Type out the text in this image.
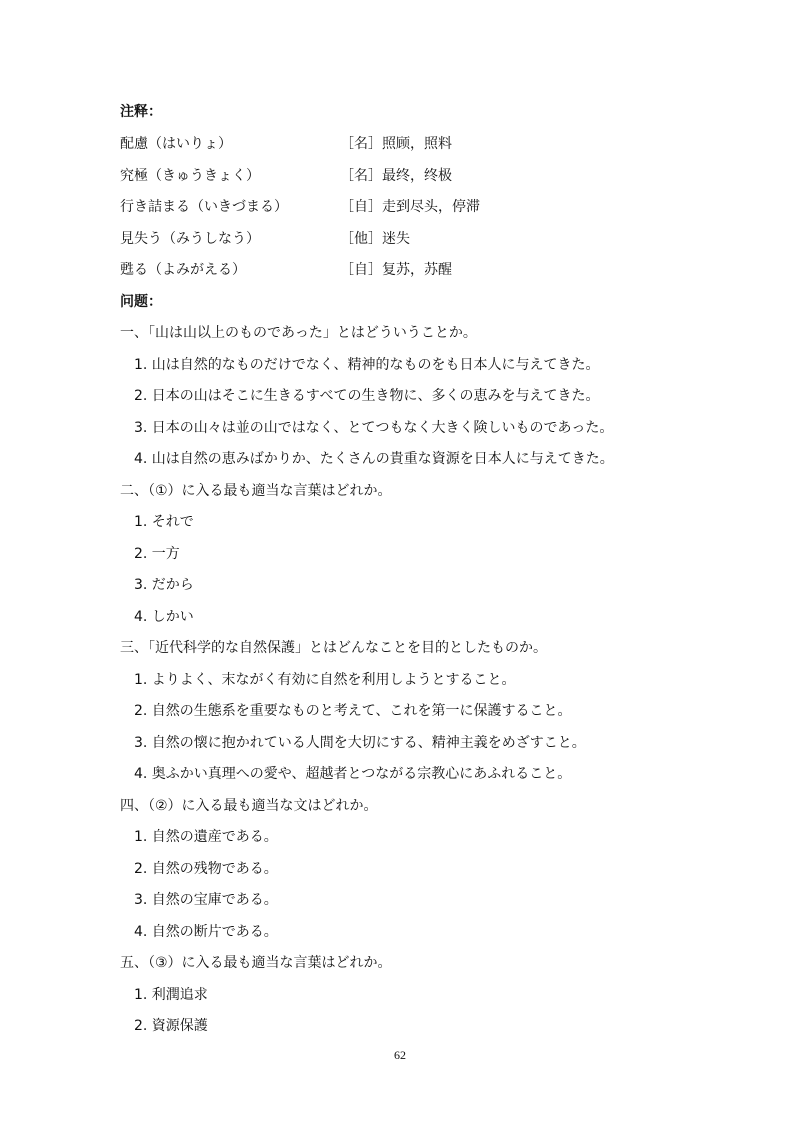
注释：
配慮（はいりょ）	［名］照顾，照料
究極（きゅうきょく）	［名］最终，终极
行き詰まる（いきづまる）	［自］走到尽头，停滞
見失う（みうしなう）	［他］迷失
甦る（よみがえる）	［自］复苏，苏醒
问题：
一、「山は山以上のものであった」とはどういうことか。
1. 山は自然的なものだけでなく、精神的なものをも日本人に与えてきた。
2. 日本の山はそこに生きるすべての生き物に、多くの恵みを与えてきた。
3. 日本の山々は並の山ではなく、とてつもなく大きく険しいものであった。
4. 山は自然の恵みばかりか、たくさんの貴重な資源を日本人に与えてきた。
二、（①）に入る最も適当な言葉はどれか。
1. それで
2. 一方
3. だから
4. しかい
三、「近代科学的な自然保護」とはどんなことを目的としたものか。
1. よりよく、末ながく有効に自然を利用しようとすること。
2. 自然の生態系を重要なものと考えて、これを第一に保護すること。
3. 自然の懐に抱かれている人間を大切にする、精神主義をめざすこと。
4. 奥ふかい真理への愛や、超越者とつながる宗教心にあふれること。
四、（②）に入る最も適当な文はどれか。
1. 自然の遺産である。
2. 自然の残物である。
3. 自然の宝庫である。
4. 自然の断片である。
五、（③）に入る最も適当な言葉はどれか。
1. 利潤追求
2. 資源保護
62
